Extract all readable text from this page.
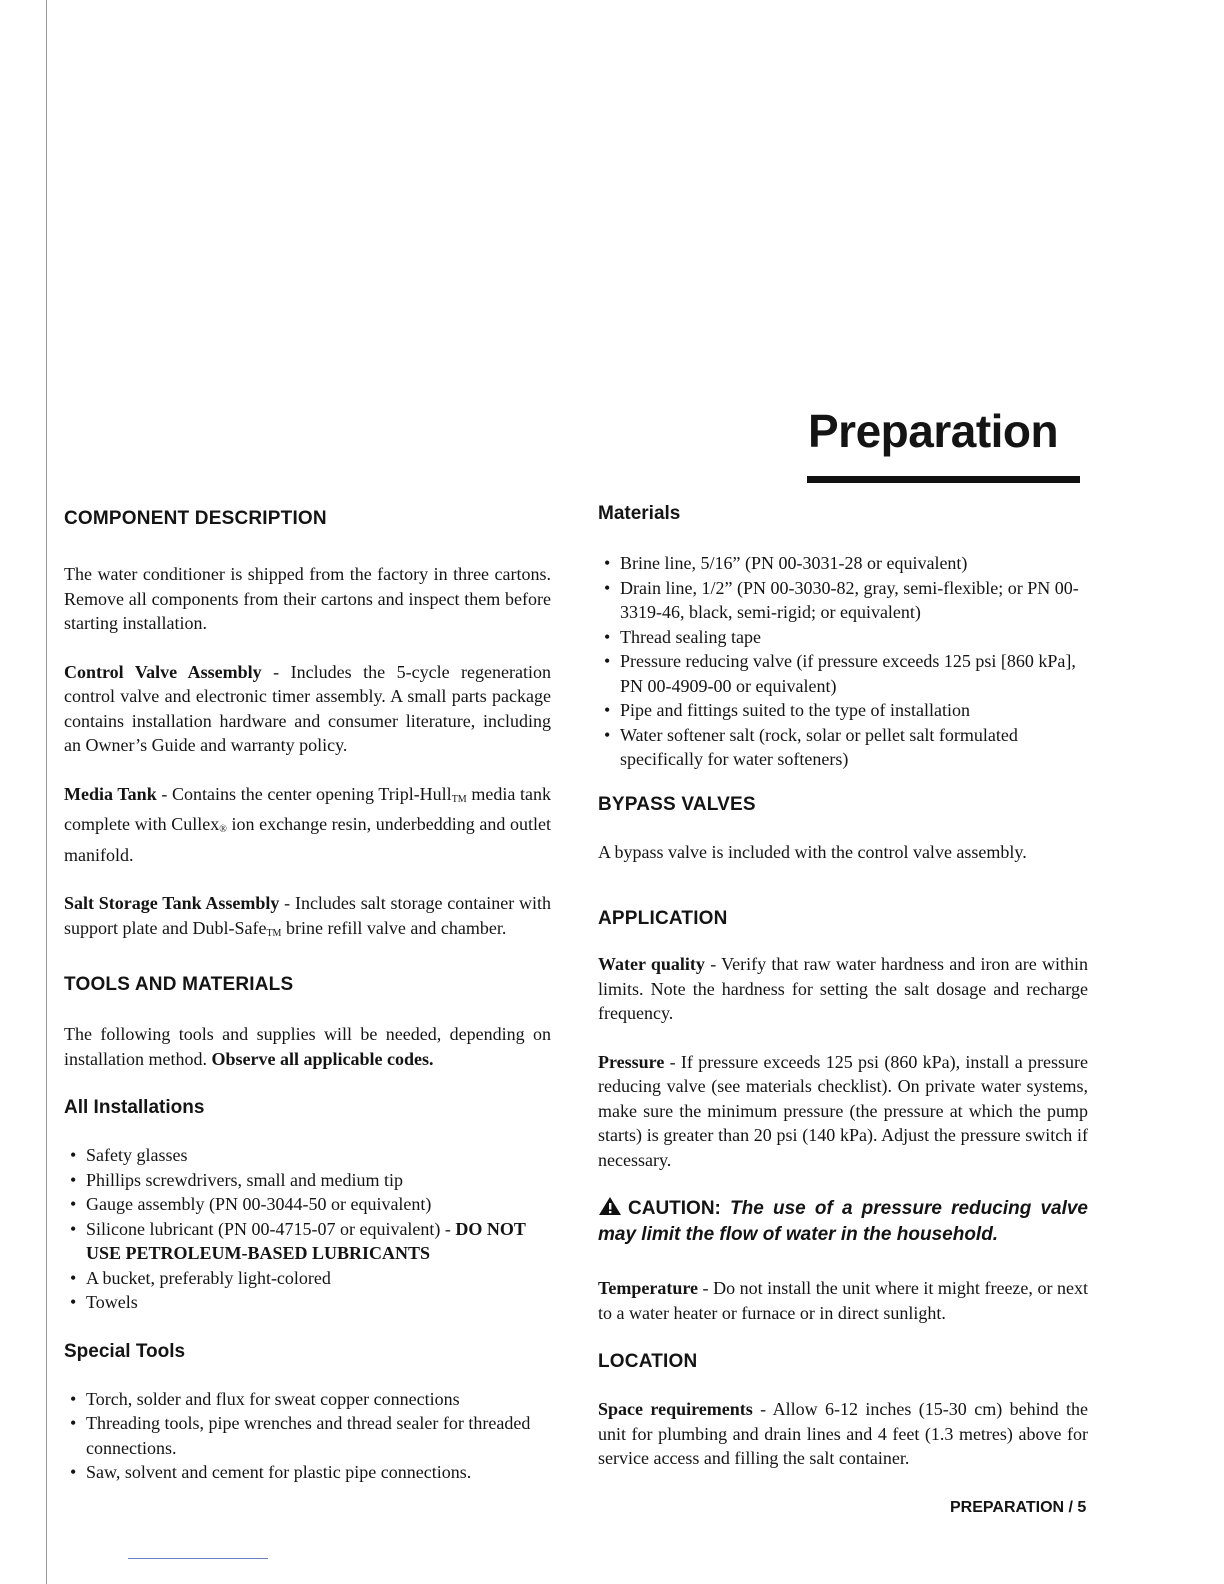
Preparation
COMPONENT DESCRIPTION

The water conditioner is shipped from the factory in three cartons. Remove all components from their cartons and inspect them before starting installation.

Control Valve Assembly - Includes the 5-cycle regeneration control valve and electronic timer assembly. A small parts package contains installation hardware and consumer literature, including an Owner’s Guide and warranty policy.

Media Tank - Contains the center opening Tripl-HullTM media tank complete with Cullex® ion exchange resin, underbedding and outlet manifold.

Salt Storage Tank Assembly - Includes salt storage container with support plate and Dubl-SafeTM brine refill valve and chamber.

TOOLS AND MATERIALS

The following tools and supplies will be needed, depending on installation method. Observe all applicable codes.

All Installations
• Safety glasses
• Phillips screwdrivers, small and medium tip
• Gauge assembly (PN 00-3044-50 or equivalent)
• Silicone lubricant (PN 00-4715-07 or equivalent) - DO NOT USE PETROLEUM-BASED LUBRICANTS
• A bucket, preferably light-colored
• Towels
Special Tools
• Torch, solder and flux for sweat copper connections
• Threading tools, pipe wrenches and thread sealer for threaded connections.
• Saw, solvent and cement for plastic pipe connections.
Materials
• Brine line, 5/16” (PN 00-3031-28 or equivalent)
• Drain line, 1/2” (PN 00-3030-82, gray, semi-flexible; or PN 00-3319-46, black, semi-rigid; or equivalent)
• Thread sealing tape
• Pressure reducing valve (if pressure exceeds 125 psi [860 kPa], PN 00-4909-00 or equivalent)
• Pipe and fittings suited to the type of installation
• Water softener salt (rock, solar or pellet salt formulated specifically for water softeners)
BYPASS VALVES

A bypass valve is included with the control valve assembly.

APPLICATION

Water quality - Verify that raw water hardness and iron are within limits. Note the hardness for setting the salt dosage and recharge frequency.

Pressure - If pressure exceeds 125 psi (860 kPa), install a pressure reducing valve (see materials checklist). On private water systems, make sure the minimum pressure (the pressure at which the pump starts) is greater than 20 psi (140 kPa). Adjust the pressure switch if necessary.

CAUTION: The use of a pressure reducing valve may limit the flow of water in the household.

Temperature - Do not install the unit where it might freeze, or next to a water heater or furnace or in direct sunlight.

LOCATION

Space requirements - Allow 6-12 inches (15-30 cm) behind the unit for plumbing and drain lines and 4 feet (1.3 metres) above for service access and filling the salt container.

PREPARATION / 5
